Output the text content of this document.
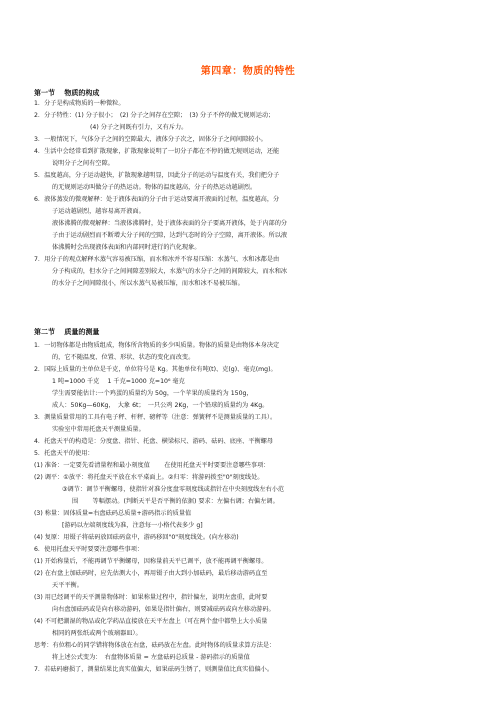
第四章：物质的特性
第一节　 物质的构成
1．分子是构成物质的一种微粒。
2．分子特性：(1) 分子很小；　(2) 分子之间存在空隙；　(3) 分子不停的做无规则运动；
(4) 分子之间既有引力，又有斥力。
3．一般情况下，气体分子之间的空隙最大，液体分子次之，固体分子之间间隙较小。
4．生活中会经常看到扩散现象，扩散现象说明了一切分子都在不停的做无规则运动，还能
说明分子之间有空隙。
5．温度越高，分子运动越快，扩散现象越明显，因此分子的运动与温度有关，我们把分子
的无规则运动叫做分子的热运动。物体的温度越高，分子的热运动越剧烈。
6．液体蒸发的微观解释：处于液体表面的分子由于运动要离开液面的过程，温度越高，分
子运动越剧烈，越容易离开液面。
液体沸腾的微观解释：当液体沸腾时，处于液体表面的分子要离开液体，处于内部的分
子由于运动剧烈而不断增大分子间的空隙，达到气态时的分子空隙，离开液体。所以液
体沸腾时会出现液体表面和内部同时进行的汽化现象。
7．用分子的观点解释水蒸气容易被压缩，而水和冰并不容易压缩：水蒸气、水和冰都是由
分子构成的，但水分子之间间隙差别较大，水蒸气的水分子之间的间隙较大，而水和冰
的水分子之间间隙很小，所以水蒸气易被压缩，而水和冰不易被压缩。
第二节　 质量的测量
1．一切物体都是由物质组成，物体所含物质的多少叫质量。物体的质量是由物体本身决定
的，它不随温度、位置、形状、状态的变化而改变。
2．国际上质量的主单位是千克，单位符号是 Kg。其他单位有吨(t)、克(g)、毫克(mg)。
1 吨=1000 千克　 1 千克=1000 克=10⁶ 毫克
学生需要能估计:一个鸡蛋的质量约为 50g，一个苹果的质量约为 150g，
成人：50Kg—60Kg，　大象 6t；　一只公鸡 2Kg，一个铅球的质量约为 4Kg。
3．测量质量常用的工具有电子秤、杆秤、磅秤等（注意：弹簧秤不是测量质量的工具）。
实验室中常用托盘天平测量质量。
4．托盘天平的构造是：分度盘、指针、托盘、横梁标尺、游码、砝码、底座、平衡螺母
5．托盘天平的使用：
(1) 准备：一定要先看清量程和最小刻度值　　 在使用托盘天平时要要注意哪些事项：
(2) 调平：①放平：将托盘天平放在水平桌面上。②归零：将游码拨至"0"刻度线处。
③调节：调节平衡螺母，使指针对准分度盘零刻度线或指针在中央刻度线左右小范
围　　 等幅摆动。(判断天平是否平衡的依据) 要求：左偏右调；右偏左调。
(3) 称量：固体质量=右盘砝码总质量+游码指示的质量值
[游码以左端刻度线为准，注意每一小格代表多少 g]
(4) 复原：用镊子将砝码放回砝码盒中，游码移回"0"刻度线处。(向左移动)
6．使用托盘天平时要要注意哪些事项：
(1) 开始称量后，不能再调节平衡螺母，因称量前天平已调平，放不能再调平衡螺母。
(2) 在右盘上加砝码时，应先估测大小，再用镊子由大到小加砝码，最后移动游码直至
天平平衡。
(3) 用已经调平的天平测量物体时：如果称量过程中，指针偏左，说明左盘重，此时要
向右盘加砝码或是向右移动游码，如果是指针偏右，则要减砝码或向左移动游码。
(4) 不可把潮湿的物品或化学药品直接放在天平左盘上（可在两个盘中都垫上大小质量
相同的两张纸或两个玻璃器皿）。
思考：有位粗心的同学错将物体放在右盘，砝码放在左盘。此时物体的质量求算方法是：
将上述公式变为：　右盘物体质量 = 左盘砝码总质量 - 游码指示的质量值
7．若砝码磨损了，测量结果比真实值偏大，如果砝码生锈了，则测量值比真实值偏小。
